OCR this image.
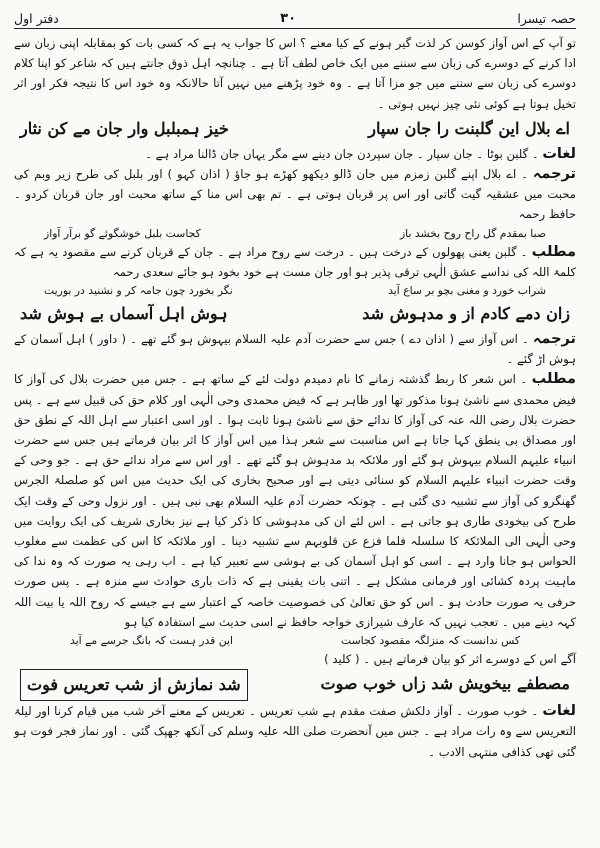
حصہ تیسرا
۳۰
دفتر اول

تو آپ کے اس آواز کوسن کر لذت گیر ہونے کے کیا معنے ؟ اس کا جواب یہ ہے کہ کسی بات کو بمقابلہ اپنی زبان سے ادا کرنے کے دوسرے کی زبان سے سننے میں ایک خاص لطف آتا ہے ۔ چنانچہ اہل ذوق جانتے ہیں کہ شاعر کو اپنا کلام دوسرے کی زبان سے سننے میں جو مزا آتا ہے ۔ وہ خود پڑھنے میں نہیں آتا حالانکہ وہ خود اس کا نتیجہ فکر اور اثر تخیل ہوتا ہے کوئی نئی چیز نہیں ہوتی ۔

اے بلال این گلبنت را جان سپار
خیز ہمبلبل وار جان مے کن نثار

لغات ۔ گلبن بوٹا ۔ جان سپار ۔ جان سپردن جان دینے سے مگر یہاں جان ڈالنا مراد ہے ۔

ترجمہ ۔ اے بلال اپنے گلبن زمزم میں جان ڈالو دیکھو کھڑے ہو جاؤ ( اذان کہو ) اور بلبل کی طرح زیر وبم کی محبت میں عشقیہ گیت گاتی اور اس پر قربان ہوتی ہے ۔ تم بھی اس منا کے ساتھ محبت اور جان قربان کردو ۔ حافظ رحمہ

صبا بمقدم گل راح روح بخشد باز
کجاست بلبل خوشگوئے گو برآر آواز

مطلب ۔ گلبن یعنی پھولوں کے درخت ہیں ۔ درخت سے روح مراد ہے ۔ جان کے قربان کرنے سے مقصود یہ ہے کہ کلمۃ اللہ کی نداسے عشق الٰہی ترقی پذیر ہو اور جان مست ہے خود بخود ہو جائے سعدی رحمہ

شراب خورد و مغنی بچو بر ساع آید
نگر بخورد چون جامہ کر و نشنید در بوریت
زان دمے کادم از و مدہوش شد
ہوش اہل آسماں بے ہوش شد

ترجمہ ۔ اس آواز سے ( اذان دے ) جس سے حضرت آدم علیہ السلام بیہوش ہو گئے تھے ۔ ( داور ) اہل آسمان کے ہوش اڑ گئے ۔

مطلب ۔ اس شعر کا ربط گذشتہ زمانے کا نام دمیدم دولت لئے کے ساتھ ہے ۔ جس میں حضرت بلال کی آواز کا فیض محمدی سے ناشئ ہونا مذکور تھا اور ظاہر ہے کہ فیض محمدی وحی الٰہی اور کلام حق کی قبیل سے ہے ۔ پس حضرت بلال رضی اللہ عنہ کی آواز کا ندائے حق سے ناشئ ہونا ثابت ہوا ۔ اور اسی اعتبار سے اہل اللہ کے نطق حق اور مصداق بی ینطق کہا جاتا ہے اس مناسبت سے شعر ہذا میں اس آواز کا اثر بیان فرماتے ہیں جس سے حضرت انبیاء علیہم السلام بیہوش ہو گئے اور ملائکہ بد مدہوش ہو گئے تھے ۔ اور اس سے مراد ندائے حق ہے ۔ جو وحی کے وقت حضرت انبیاء علیہم السلام کو سنائی دیتی ہے اور صحیح بخاری کی ایک حدیث میں اس کو صلصلۃ الجرس گھنگرو کی آواز سے تشبیہ دی گئی ہے ۔ چونکہ حضرت آدم علیہ السلام بھی نبی ہیں ۔ اور نزول وحی کے وقت ایک طرح کی بیخودی طاری ہو جاتی ہے ۔ اس لئے ان کی مدہوشی کا ذکر کیا ہے نیز بخاری شریف کی ایک روایت میں وحی الٰہی الی الملائکۃ کا سلسلہ فلما فزع عن قلوبہم سے تشبیہ دینا ۔ اور ملائکہ کا اس کی عظمت سے مغلوب الحواس ہو جانا وارد ہے ۔ اسی کو اہل آسمان کی بے ہوشی سے تعبیر کیا ہے ۔ اب رہی یہ صورت کہ وہ ندا کی ماہیت پردہ کشائی اور فرمانی مشکل ہے ۔ اتنی بات یقینی ہے کہ ذات باری حوادث سے منزہ ہے ۔ پس صورت حرفی یہ صورت حادث ہو ۔ اس کو حق تعالیٰ کی خصوصیت خاصہ کے اعتبار سے ہے جیسے کہ روح اللہ یا بیت اللہ کہہ دینے میں ۔ تعجب نہیں کہ عارف شیرازی خواجہ حافظ نے اسی حدیث سے استفادہ کیا ہو

کس ندانست کہ منزلگہ مقصود کجاست
این قدر ہست کہ بانگ جرسے مے آید

آگے اس کے دوسرے اثر کو بیان فرماتے ہیں ۔ ( کلید )

مصطفے بیخویش شد زاں خوب صوت
شد نمازش از شب تعریس فوت

لغات ۔ خوب صورت ۔ آواز دلکش صفت مقدم ہے شب تعریس ۔ تعریس کے معنے آخر شب میں قیام کرنا اور لیلۃ التعریس سے وہ رات مراد ہے ۔ جس میں آنحضرت صلی اللہ علیہ وسلم کی آنکھ جھپک گئی ۔ اور نماز فجر فوت ہو گئی تھی کذافی منتہی الادب ۔
